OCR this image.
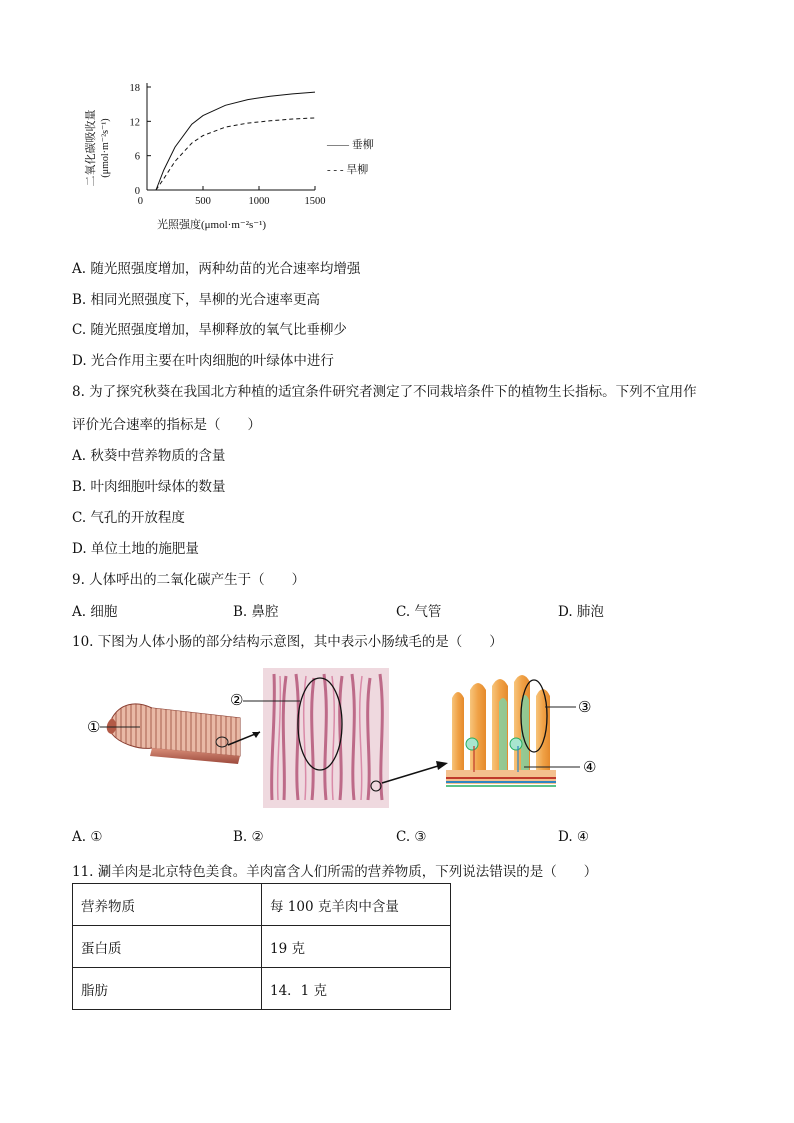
0
6
12
18
0	500	1000	1500
光照强度(μmol·m⁻²s⁻¹)
二氧化碳吸收量 (μmol·m⁻²s⁻¹)	—— 垂柳
- - - 旱柳
A. 随光照强度增加，两种幼苗的光合速率均增强
B. 相同光照强度下，旱柳的光合速率更高
C. 随光照强度增加，旱柳释放的氧气比垂柳少
D. 光合作用主要在叶肉细胞的叶绿体中进行
8. 为了探究秋葵在我国北方种植的适宜条件研究者测定了不同栽培条件下的植物生长指标。下列不宜用作
评价光合速率的指标是（　　）
A. 秋葵中营养物质的含量
B. 叶肉细胞叶绿体的数量
C. 气孔的开放程度
D. 单位土地的施肥量
9. 人体呼出的二氧化碳产生于（　　）
A. 细胞	B. 鼻腔	C. 气管	D. 肺泡
10. 下图为人体小肠的部分结构示意图，其中表示小肠绒毛的是（　　）
①
②	③
④
A. ①	B. ②	C. ③	D. ④
11. 涮羊肉是北京特色美食。羊肉富含人们所需的营养物质，下列说法错误的是（　　）
营养物质	每 100 克羊肉中含量
蛋白质	19 克
脂肪	14．1 克
